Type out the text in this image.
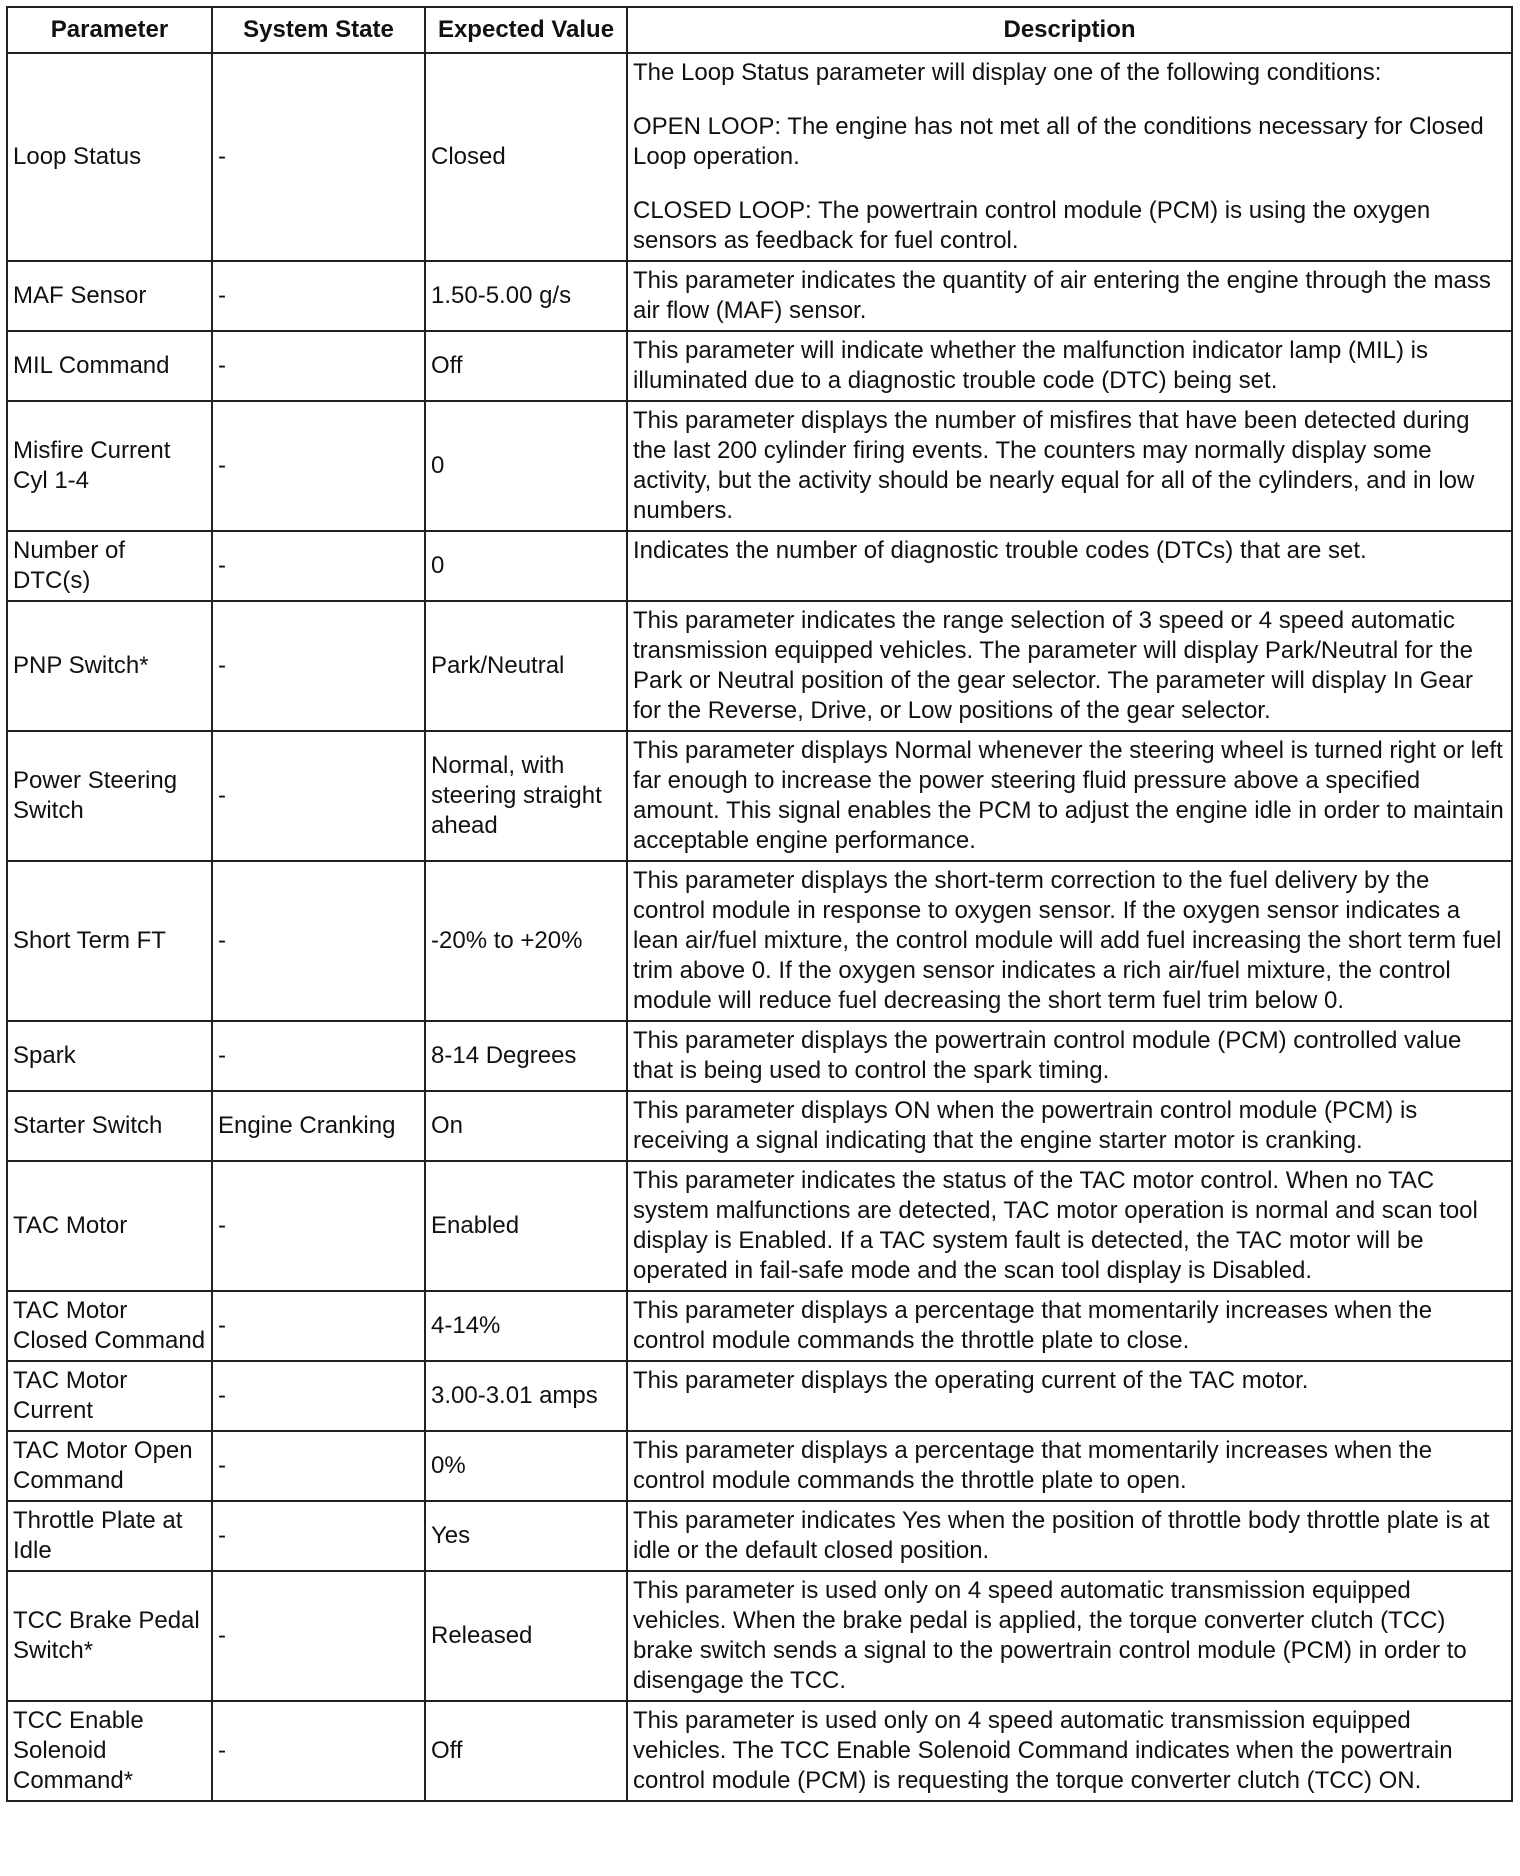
Parameter	System State	Expected Value	Description
Loop Status	-	Closed	The Loop Status parameter will display one of the following conditions:
OPEN LOOP: The engine has not met all of the conditions necessary for Closed Loop operation.
CLOSED LOOP: The powertrain control module (PCM) is using the oxygen sensors as feedback for fuel control.

MAF Sensor	-	1.50-5.00 g/s	This parameter indicates the quantity of air entering the engine through the mass air flow (MAF) sensor.

MIL Command	-	Off	This parameter will indicate whether the malfunction indicator lamp (MIL) is illuminated due to a diagnostic trouble code (DTC) being set.

Misfire Current Cyl 1-4	-	0	This parameter displays the number of misfires that have been detected during the last 200 cylinder firing events. The counters may normally display some activity, but the activity should be nearly equal for all of the cylinders, and in low numbers.

Number of DTC(s)	-	0	Indicates the number of diagnostic trouble codes (DTCs) that are set.

PNP Switch*	-	Park/Neutral	This parameter indicates the range selection of 3 speed or 4 speed automatic transmission equipped vehicles. The parameter will display Park/Neutral for the Park or Neutral position of the gear selector. The parameter will display In Gear for the Reverse, Drive, or Low positions of the gear selector.

Power Steering Switch	-	Normal, with steering straight ahead	This parameter displays Normal whenever the steering wheel is turned right or left far enough to increase the power steering fluid pressure above a specified amount. This signal enables the PCM to adjust the engine idle in order to maintain acceptable engine performance.

Short Term FT	-	-20% to +20%	This parameter displays the short-term correction to the fuel delivery by the control module in response to oxygen sensor. If the oxygen sensor indicates a lean air/fuel mixture, the control module will add fuel increasing the short term fuel trim above 0. If the oxygen sensor indicates a rich air/fuel mixture, the control module will reduce fuel decreasing the short term fuel trim below 0.

Spark	-	8-14 Degrees	This parameter displays the powertrain control module (PCM) controlled value that is being used to control the spark timing.

Starter Switch	Engine Cranking	On	This parameter displays ON when the powertrain control module (PCM) is receiving a signal indicating that the engine starter motor is cranking.

TAC Motor	-	Enabled	This parameter indicates the status of the TAC motor control. When no TAC system malfunctions are detected, TAC motor operation is normal and scan tool display is Enabled. If a TAC system fault is detected, the TAC motor will be operated in fail-safe mode and the scan tool display is Disabled.

TAC Motor Closed Command	-	4-14%	This parameter displays a percentage that momentarily increases when the control module commands the throttle plate to close.

TAC Motor Current	-	3.00-3.01 amps	This parameter displays the operating current of the TAC motor.

TAC Motor Open Command	-	0%	This parameter displays a percentage that momentarily increases when the control module commands the throttle plate to open.

Throttle Plate at Idle	-	Yes	This parameter indicates Yes when the position of throttle body throttle plate is at idle or the default closed position.

TCC Brake Pedal Switch*	-	Released	This parameter is used only on 4 speed automatic transmission equipped vehicles. When the brake pedal is applied, the torque converter clutch (TCC) brake switch sends a signal to the powertrain control module (PCM) in order to disengage the TCC.

TCC Enable Solenoid Command*	-	Off	This parameter is used only on 4 speed automatic transmission equipped vehicles. The TCC Enable Solenoid Command indicates when the powertrain control module (PCM) is requesting the torque converter clutch (TCC) ON.
